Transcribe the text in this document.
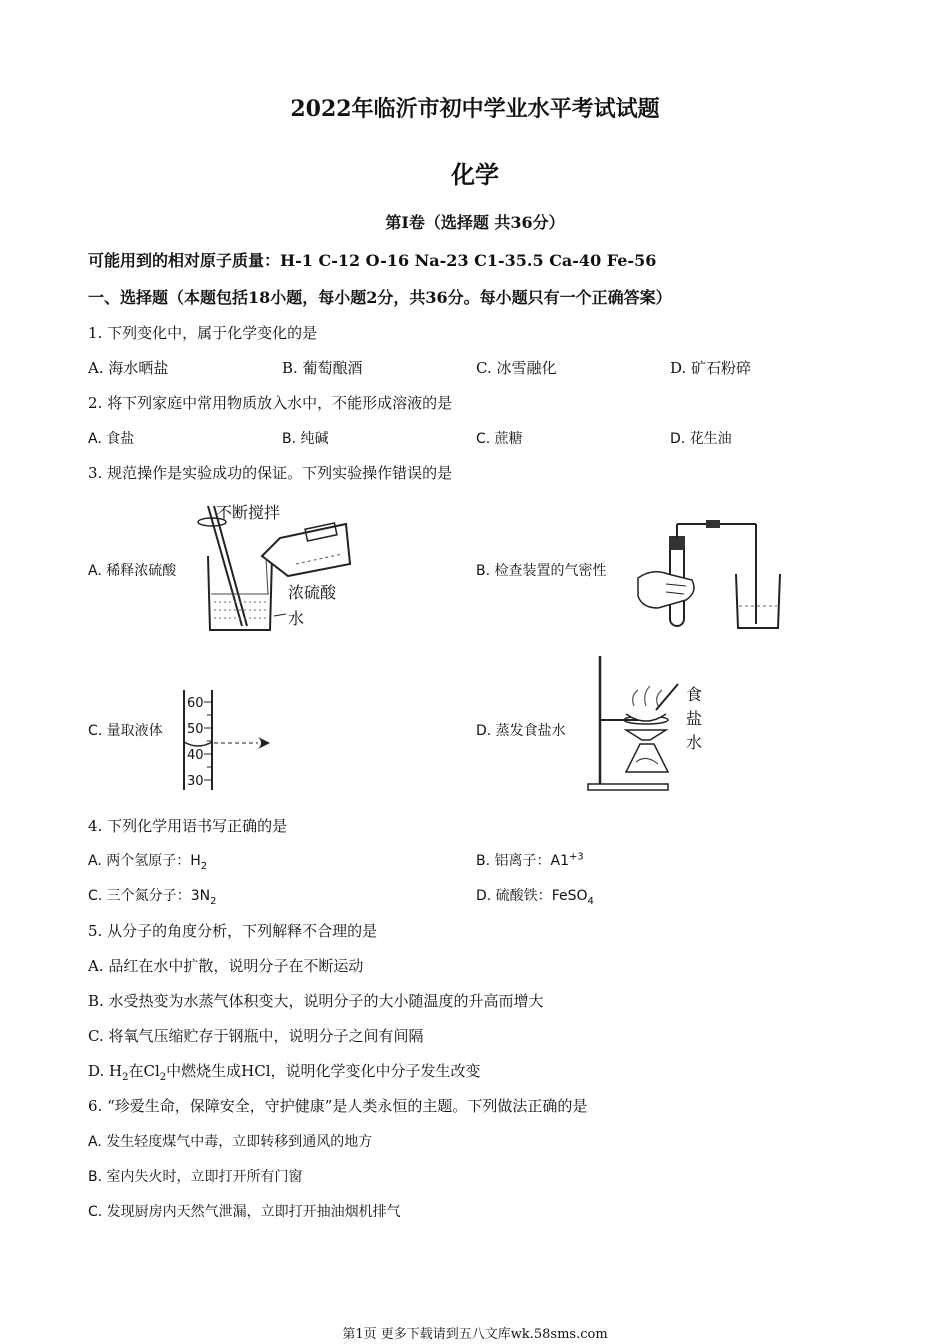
2022年临沂市初中学业水平考试试题
化学
第I卷（选择题 共36分）
可能用到的相对原子质量：H-1 C-12 O-16 Na-23 C1-35.5 Ca-40 Fe-56
一、选择题（本题包括18小题，每小题2分，共36分。每小题只有一个正确答案）
1. 下列变化中，属于化学变化的是
A. 海水晒盐	B. 葡萄酿酒	C. 冰雪融化	D. 矿石粉碎
2. 将下列家庭中常用物质放入水中，不能形成溶液的是
A. 食盐	B. 纯碱	C. 蔗糖	D. 花生油
3. 规范操作是实验成功的保证。下列实验操作错误的是
A. 稀释浓硫酸
不断搅拌
浓硫酸
水
B. 检查装置的气密性
C. 量取液体
60
50
40
30
D. 蒸发食盐水
食
盐
水
4. 下列化学用语书写正确的是
A. 两个氢原子：$H_2$	B. 铝离子：$A1^{+3}$
C. 三个氮分子：$3N_2$	D. 硫酸铁：FeSO$_4$
5. 从分子的角度分析，下列解释不合理的是
A. 品红在水中扩散，说明分子在不断运动
B. 水受热变为水蒸气体积变大，说明分子的大小随温度的升高而增大
C. 将氧气压缩贮存于钢瓶中，说明分子之间有间隔
D. $H_2$在$Cl_2$中燃烧生成HCl，说明化学变化中分子发生改变
6. “珍爱生命，保障安全，守护健康”是人类永恒的主题。下列做法正确的是
A. 发生轻度煤气中毒，立即转移到通风的地方
B. 室内失火时，立即打开所有门窗
C. 发现厨房内天然气泄漏，立即打开抽油烟机排气
第1页 更多下载请到五八文库wk.58sms.com
